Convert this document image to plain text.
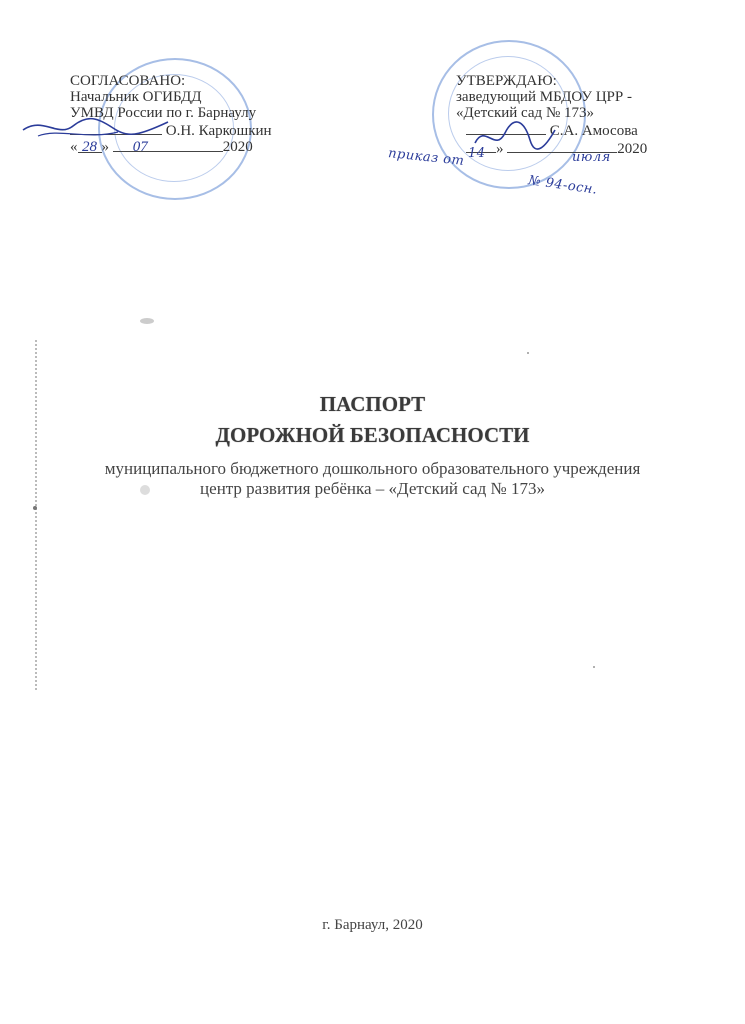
СОГЛАСОВАНО:
Начальник ОГИБДД
УМВД России по г. Барнаулу
О.Н. Каркошкин
« 28 » 07	2020
УТВЕРЖДАЮ:
заведующий МБДОУ ЦРР -
«Детский сад № 173»
С.А. Амосова
»	2020
приказ от 14	июля
№ 94-осн.
ПАСПОРТ
ДОРОЖНОЙ БЕЗОПАСНОСТИ
муниципального бюджетного дошкольного образовательного учреждения
центр развития ребёнка – «Детский сад № 173»
г. Барнаул, 2020
